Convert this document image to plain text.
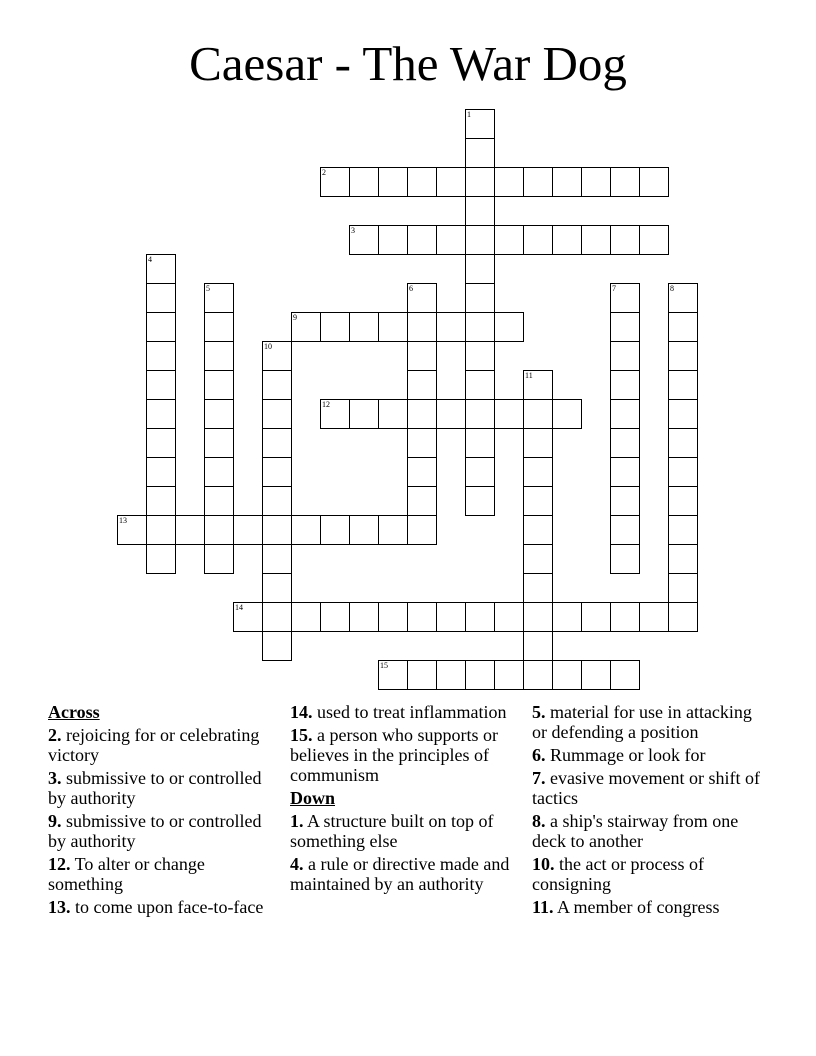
Caesar - The War Dog
1
2
3
4
5	6	7	8
9
10
11
12
13
14
15
Across
2. rejoicing for or celebrating victory
3. submissive to or controlled by authority
9. submissive to or controlled by authority
12. To alter or change something
13. to come upon face-to-face
14. used to treat inflammation
15. a person who supports or believes in the principles of communism
Down
1. A structure built on top of something else
4. a rule or directive made and maintained by an authority
5. material for use in attacking or defending a position
6. Rummage or look for
7. evasive movement or shift of tactics
8. a ship's stairway from one deck to another
10. the act or process of consigning
11. A member of congress
